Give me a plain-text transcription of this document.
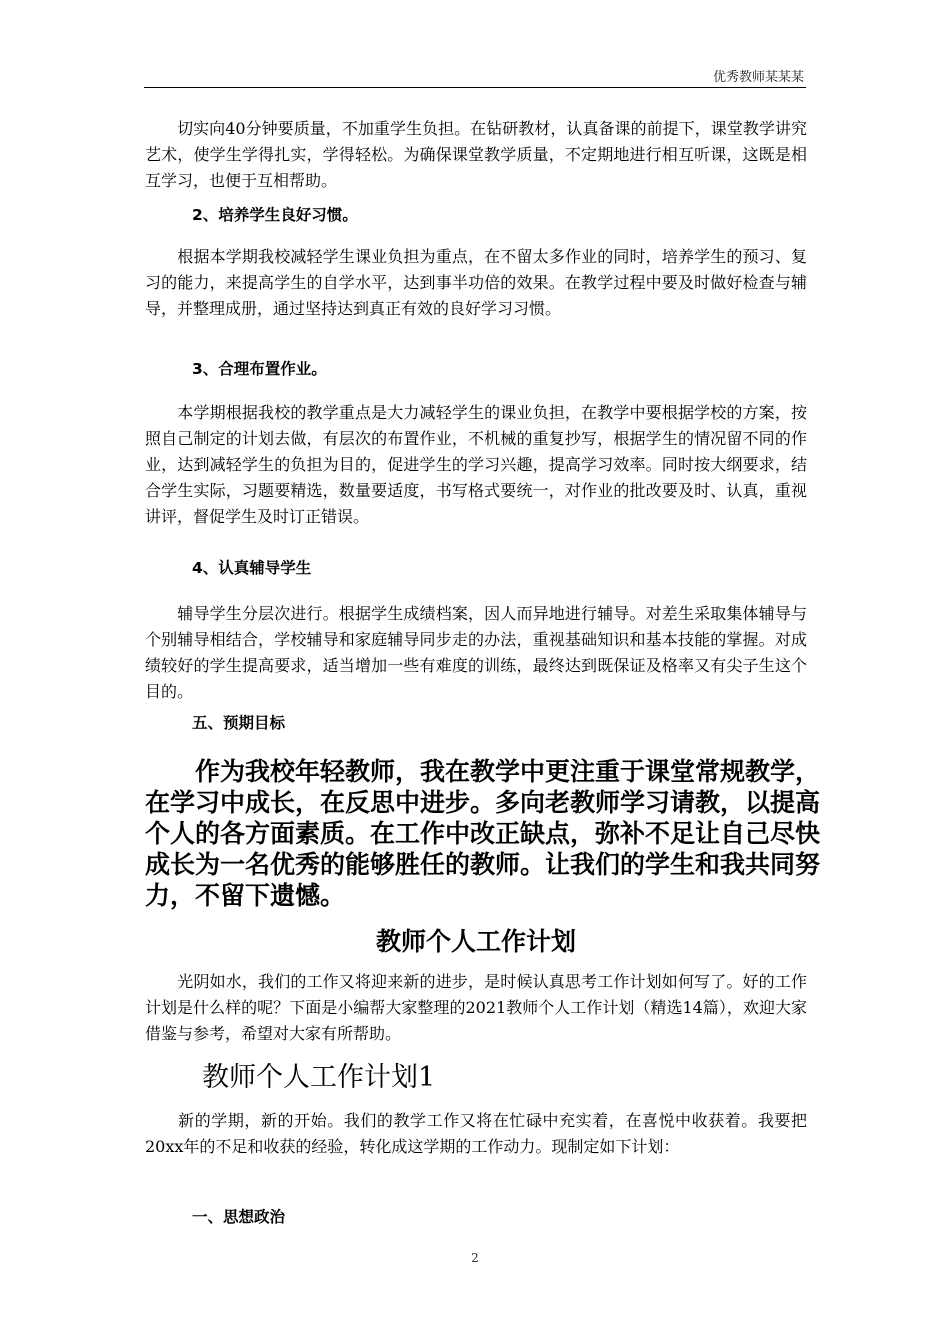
优秀教师某某某

　　切实向40分钟要质量，不加重学生负担。在钻研教材，认真备课的前提下，课堂教学讲究艺术，使学生学得扎实，学得轻松。为确保课堂教学质量，不定期地进行相互听课，这既是相互学习，也便于互相帮助。

2、培养学生良好习惯。

　　根据本学期我校减轻学生课业负担为重点，在不留太多作业的同时，培养学生的预习、复习的能力，来提高学生的自学水平，达到事半功倍的效果。在教学过程中要及时做好检查与辅导，并整理成册，通过坚持达到真正有效的良好学习习惯。

3、合理布置作业。

　　本学期根据我校的教学重点是大力减轻学生的课业负担，在教学中要根据学校的方案，按照自己制定的计划去做，有层次的布置作业，不机械的重复抄写，根据学生的情况留不同的作业，达到减轻学生的负担为目的，促进学生的学习兴趣，提高学习效率。同时按大纲要求，结合学生实际，习题要精选，数量要适度，书写格式要统一，对作业的批改要及时、认真，重视讲评，督促学生及时订正错误。

4、认真辅导学生

　　辅导学生分层次进行。根据学生成绩档案，因人而异地进行辅导。对差生采取集体辅导与个别辅导相结合，学校辅导和家庭辅导同步走的办法，重视基础知识和基本技能的掌握。对成绩较好的学生提高要求，适当增加一些有难度的训练，最终达到既保证及格率又有尖子生这个目的。

五、预期目标

　　作为我校年轻教师，我在教学中更注重于课堂常规教学，在学习中成长，在反思中进步。多向老教师学习请教，以提高个人的各方面素质。在工作中改正缺点，弥补不足让自己尽快成长为一名优秀的能够胜任的教师。让我们的学生和我共同努力，不留下遗憾。

教师个人工作计划

　　光阴如水，我们的工作又将迎来新的进步，是时候认真思考工作计划如何写了。好的工作计划是什么样的呢？下面是小编帮大家整理的2021教师个人工作计划（精选14篇），欢迎大家借鉴与参考，希望对大家有所帮助。

教师个人工作计划1

　　新的学期，新的开始。我们的教学工作又将在忙碌中充实着，在喜悦中收获着。我要把20xx年的不足和收获的经验，转化成这学期的工作动力。现制定如下计划：

一、思想政治

2
